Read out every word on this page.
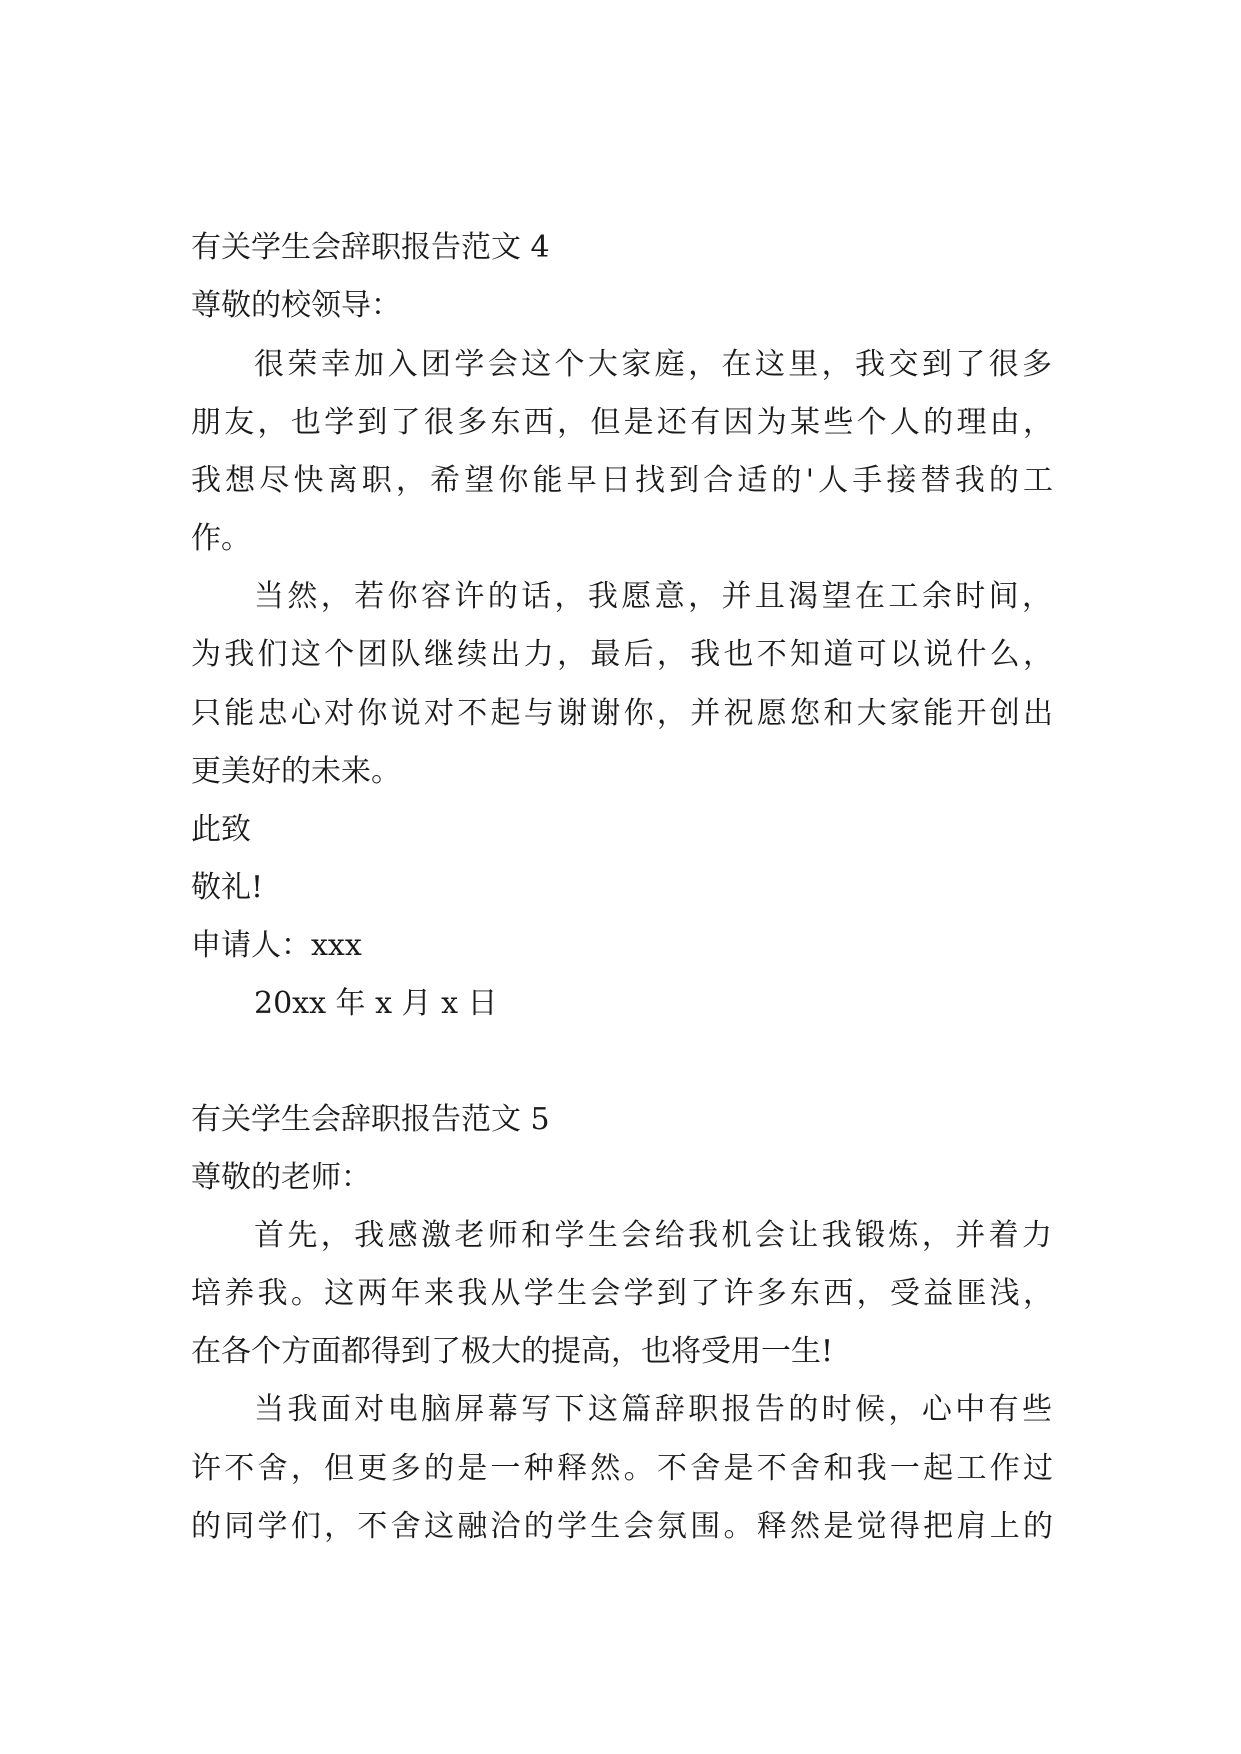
有关学生会辞职报告范文 4
尊敬的校领导：
很荣幸加入团学会这个大家庭，在这里，我交到了很多
朋友，也学到了很多东西，但是还有因为某些个人的理由，
我想尽快离职，希望你能早日找到合适的'人手接替我的工
作。
当然，若你容许的话，我愿意，并且渴望在工余时间，
为我们这个团队继续出力，最后，我也不知道可以说什么，
只能忠心对你说对不起与谢谢你，并祝愿您和大家能开创出
更美好的未来。
此致
敬礼!
申请人：xxx
20xx 年 x 月 x 日
有关学生会辞职报告范文 5
尊敬的老师：
首先，我感激老师和学生会给我机会让我锻炼，并着力
培养我。这两年来我从学生会学到了许多东西，受益匪浅，
在各个方面都得到了极大的提高，也将受用一生!
当我面对电脑屏幕写下这篇辞职报告的时候，心中有些
许不舍，但更多的是一种释然。不舍是不舍和我一起工作过
的同学们，不舍这融洽的学生会氛围。释然是觉得把肩上的
